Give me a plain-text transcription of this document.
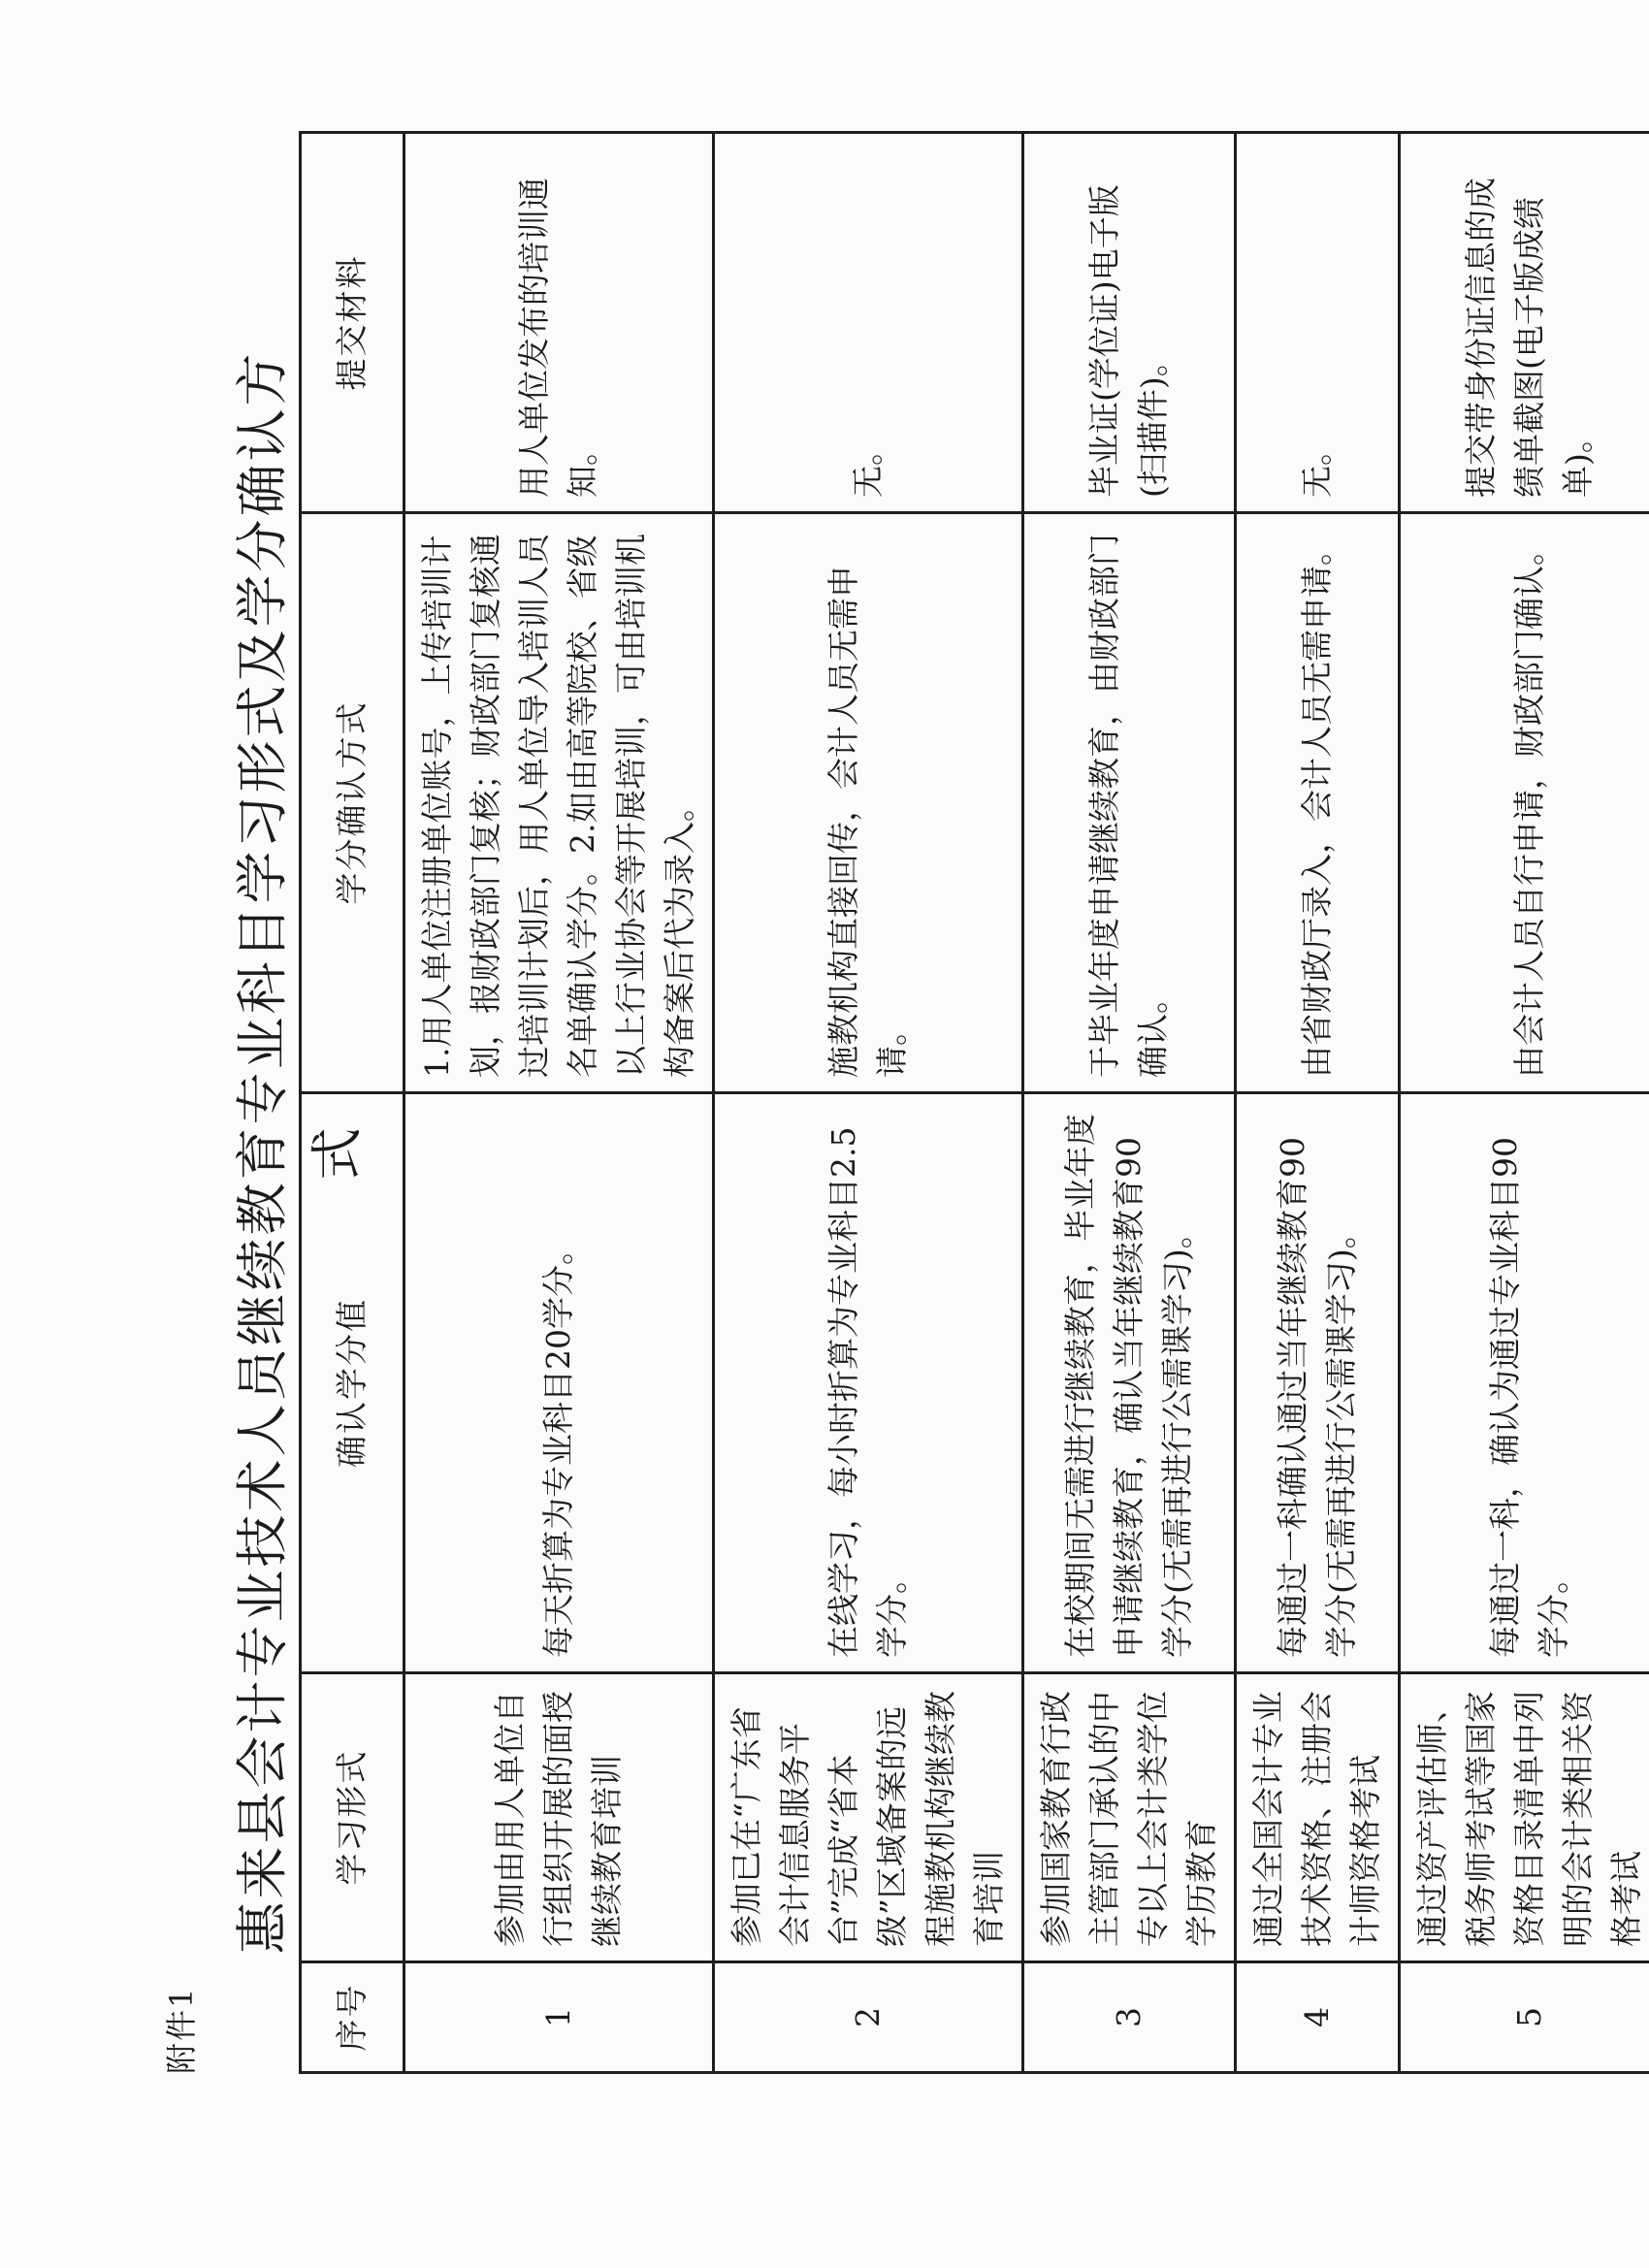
附件1
惠来县会计专业技术人员继续教育专业科目学习形式及学分确认方式
序号	学习形式	确认学分值	学分确认方式	提交材料
1	参加由用人单位自行组织开展的面授继续教育培训	每天折算为专业科目20学分。	1.用人单位注册单位账号，上传培训计划，报财政部门复核；财政部门复核通过培训计划后，用人单位导入培训人员名单确认学分。2.如由高等院校、省级以上行业协会等开展培训，可由培训机构备案后代为录入。	用人单位发布的培训通知。
2	参加已在“广东省会计信息服务平台”完成“省本级”区域备案的远程施教机构继续教育培训	在线学习，每小时折算为专业科目2.5学分。	施教机构直接回传，会计人员无需申请。	无。
3	参加国家教育行政主管部门承认的中专以上会计类学位学历教育	在校期间无需进行继续教育，毕业年度申请继续教育，确认当年继续教育90学分(无需再进行公需课学习)。	于毕业年度申请继续教育，由财政部门确认。	毕业证(学位证)电子版(扫描件)。
4	通过全国会计专业技术资格、注册会计师资格考试	每通过一科确认通过当年继续教育90学分(无需再进行公需课学习)。	由省财政厅录入，会计人员无需申请。	无。
5	通过资产评估师、税务师考试等国家资格目录清单中列明的会计类相关资格考试	每通过一科，确认为通过专业科目90学分。	由会计人员自行申请，财政部门确认。	提交带身份证信息的成绩单截图(电子版成绩单)。
